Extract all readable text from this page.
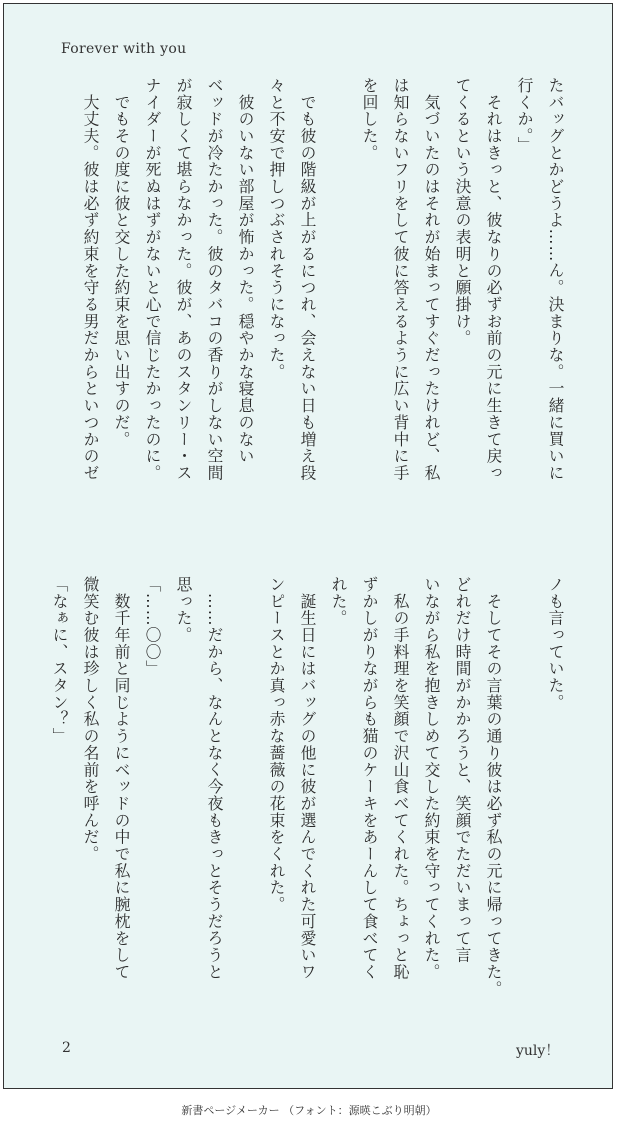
Forever with you
たバッグとかどうよ……ん。決まりな。一緒に買いに
行くか。」
　それはきっと、彼なりの必ずお前の元に生きて戻っ
てくるという決意の表明と願掛け。
　気づいたのはそれが始まってすぐだったけれど、私
は知らないフリをして彼に答えるように広い背中に手
を回した。
　でも彼の階級が上がるにつれ、会えない日も増え段
々と不安で押しつぶされそうになった。
　彼のいない部屋が怖かった。穏やかな寝息のない
ベッドが冷たかった。彼のタバコの香りがしない空間
が寂しくて堪らなかった。彼が、あのスタンリー・ス
ナイダーが死ぬはずがないと心で信じたかったのに。
　でもその度に彼と交した約束を思い出すのだ。
　大丈夫。彼は必ず約束を守る男だからといつかのゼ
ノも言っていた。
　そしてその言葉の通り彼は必ず私の元に帰ってきた。
どれだけ時間がかかろうと、笑顔でただいまって言
いながら私を抱きしめて交した約束を守ってくれた。
　私の手料理を笑顔で沢山食べてくれた。ちょっと恥
ずかしがりながらも猫のケーキをあーんして食べてく
れた。
　誕生日にはバッグの他に彼が選んでくれた可愛いワ
ンピースとか真っ赤な薔薇の花束をくれた。
　……だから、なんとなく今夜もきっとそうだろうと
思った。
「……〇〇」
　数千年前と同じようにベッドの中で私に腕枕をして
微笑む彼は珍しく私の名前を呼んだ。
「なぁに、スタン？」
2	yuly！
新書ページメーカー （フォント：源暎こぶり明朝）
